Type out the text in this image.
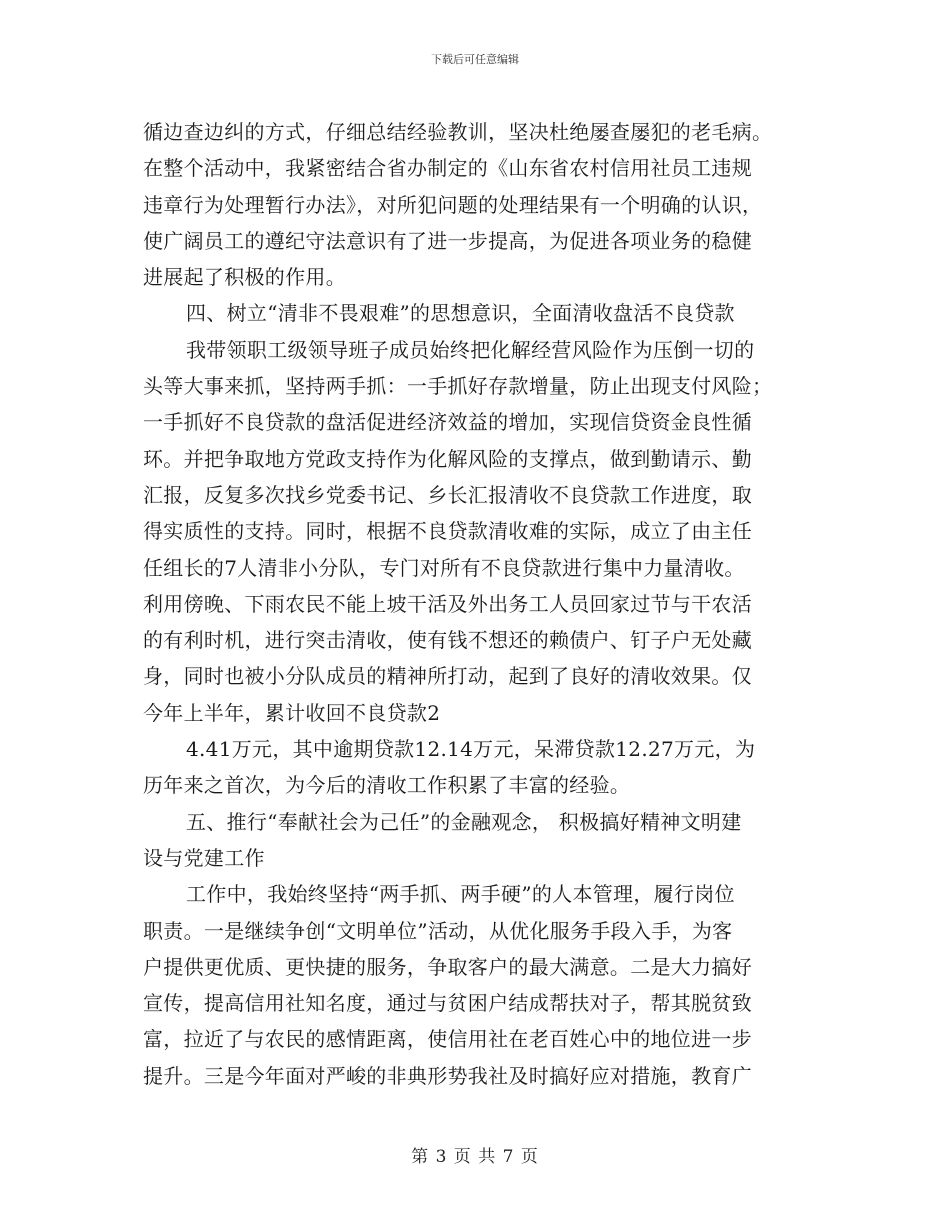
下载后可任意编辑
循边查边纠的方式，仔细总结经验教训，坚决杜绝屡查屡犯的老毛病。
在整个活动中，我紧密结合省办制定的《山东省农村信用社员工违规
违章行为处理暂行办法》，对所犯问题的处理结果有一个明确的认识，
使广阔员工的遵纪守法意识有了进一步提高，为促进各项业务的稳健
进展起了积极的作用。
四、树立“清非不畏艰难”的思想意识，全面清收盘活不良贷款
我带领职工级领导班子成员始终把化解经营风险作为压倒一切的
头等大事来抓，坚持两手抓：一手抓好存款增量，防止出现支付风险；
一手抓好不良贷款的盘活促进经济效益的增加，实现信贷资金良性循
环。并把争取地方党政支持作为化解风险的支撑点，做到勤请示、勤
汇报，反复多次找乡党委书记、乡长汇报清收不良贷款工作进度，取
得实质性的支持。同时，根据不良贷款清收难的实际，成立了由主任
任组长的7人清非小分队，专门对所有不良贷款进行集中力量清收。
利用傍晚、下雨农民不能上坡干活及外出务工人员回家过节与干农活
的有利时机，进行突击清收，使有钱不想还的赖债户、钉子户无处藏
身，同时也被小分队成员的精神所打动，起到了良好的清收效果。仅
今年上半年，累计收回不良贷款2
4.41万元，其中逾期贷款12.14万元，呆滞贷款12.27万元，为
历年来之首次，为今后的清收工作积累了丰富的经验。
五、推行“奉献社会为己任”的金融观念， 积极搞好精神文明建
设与党建工作
工作中，我始终坚持“两手抓、两手硬”的人本管理，履行岗位
职责。一是继续争创“文明单位”活动，从优化服务手段入手，为客
户提供更优质、更快捷的服务，争取客户的最大满意。二是大力搞好
宣传，提高信用社知名度，通过与贫困户结成帮扶对子，帮其脱贫致
富，拉近了与农民的感情距离，使信用社在老百姓心中的地位进一步
提升。三是今年面对严峻的非典形势我社及时搞好应对措施，教育广
第 3 页 共 7 页
